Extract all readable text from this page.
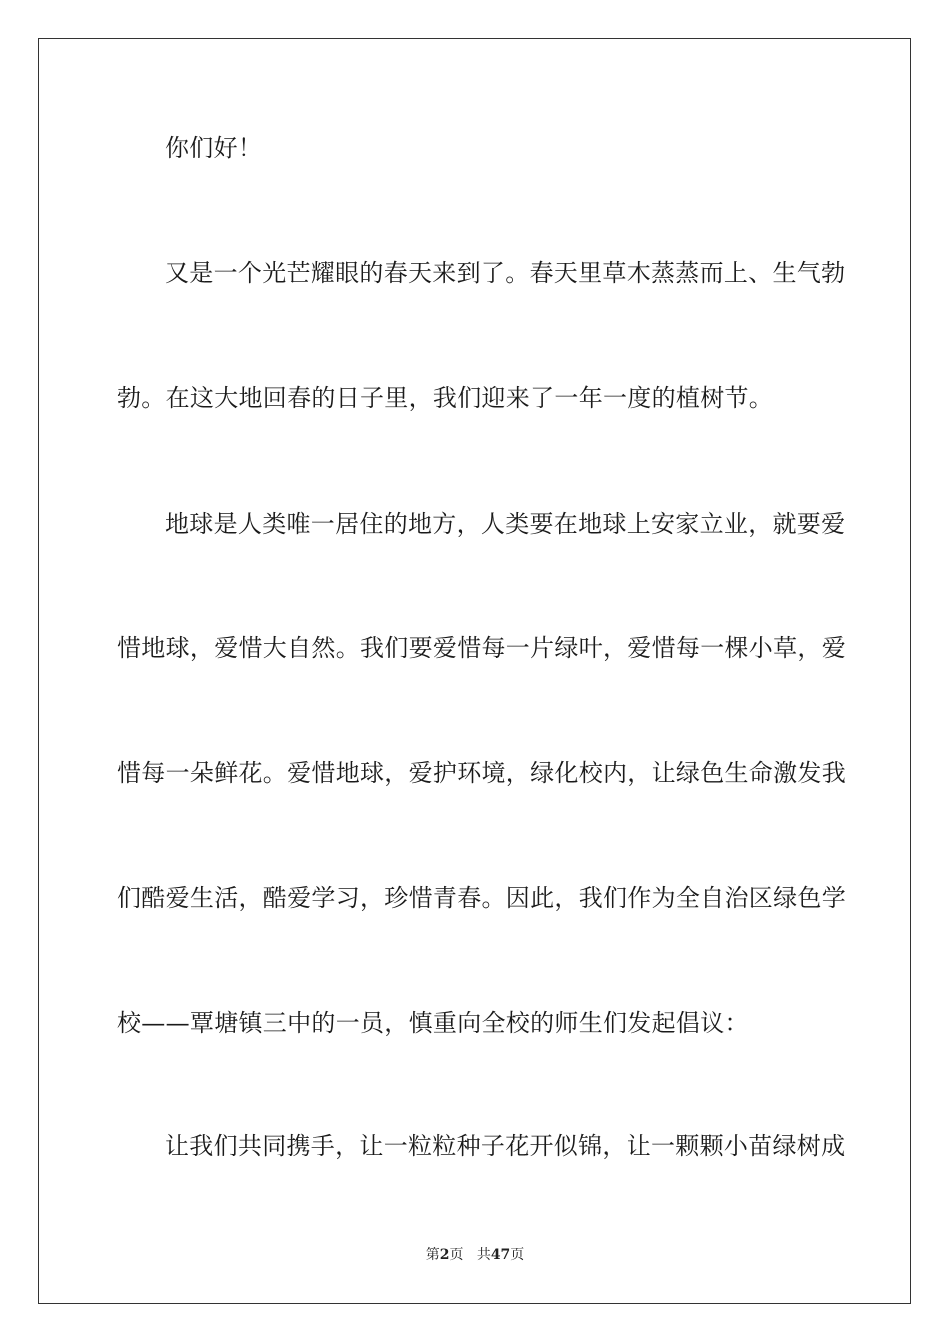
你们好！
又是一个光芒耀眼的春天来到了。春天里草木蒸蒸而上、生气勃
勃。在这大地回春的日子里，我们迎来了一年一度的植树节。
地球是人类唯一居住的地方，人类要在地球上安家立业，就要爱
惜地球，爱惜大自然。我们要爱惜每一片绿叶，爱惜每一棵小草，爱
惜每一朵鲜花。爱惜地球，爱护环境，绿化校内，让绿色生命激发我
们酷爱生活，酷爱学习，珍惜青春。因此，我们作为全自治区绿色学
校——覃塘镇三中的一员，慎重向全校的师生们发起倡议：
让我们共同携手，让一粒粒种子花开似锦，让一颗颗小苗绿树成
第2页 共47页
